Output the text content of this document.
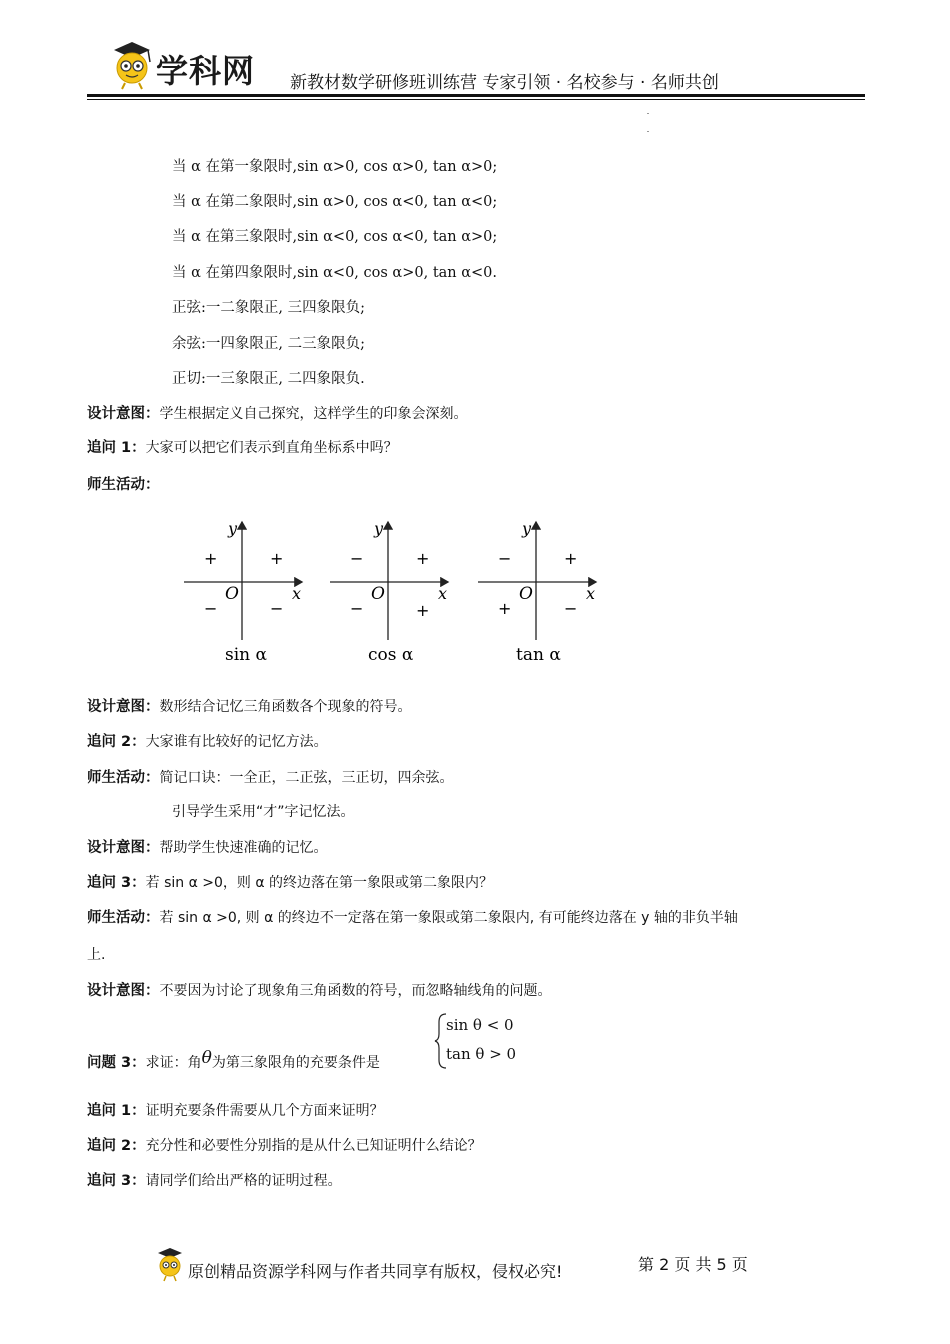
学科网 新教材数学研修班训练营 专家引领 · 名校参与 · 名师共创
当 α 在第一象限时,sin α>0, cos α>0, tan α>0;
当 α 在第二象限时,sin α>0, cos α<0, tan α<0;
当 α 在第三象限时,sin α<0, cos α<0, tan α>0;
当 α 在第四象限时,sin α<0, cos α>0, tan α<0.
正弦:一二象限正, 三四象限负;
余弦:一四象限正, 二三象限负;
正切:一三象限正, 二四象限负.
设计意图：学生根据定义自己探究，这样学生的印象会深刻。
追问 1：大家可以把它们表示到直角坐标系中吗？
师生活动：
y
x
O
+
+
−	−
sin α
y
x
O
+
−
−	+
cos α
y
x
O
+
−
+	−
tan α
设计意图：数形结合记忆三角函数各个现象的符号。
追问 2：大家谁有比较好的记忆方法。
师生活动：简记口诀：一全正，二正弦，三正切，四余弦。
引导学生采用“才”字记忆法。
设计意图：帮助学生快速准确的记忆。
追问 3：若 sin α >0，则 α 的终边落在第一象限或第二象限内？
师生活动：若 sin α >0, 则 α 的终边不一定落在第一象限或第二象限内, 有可能终边落在 y 轴的非负半轴
上.
设计意图：不要因为讨论了现象角三角函数的符号，而忽略轴线角的问题。
问题 3：求证：角θ为第三象限角的充要条件是
sin θ < 0
tan θ > 0
追问 1：证明充要条件需要从几个方面来证明？
追问 2：充分性和必要性分别指的是从什么已知证明什么结论？
追问 3：请同学们给出严格的证明过程。
原创精品资源学科网与作者共同享有版权，侵权必究!	第 2 页 共 5 页
